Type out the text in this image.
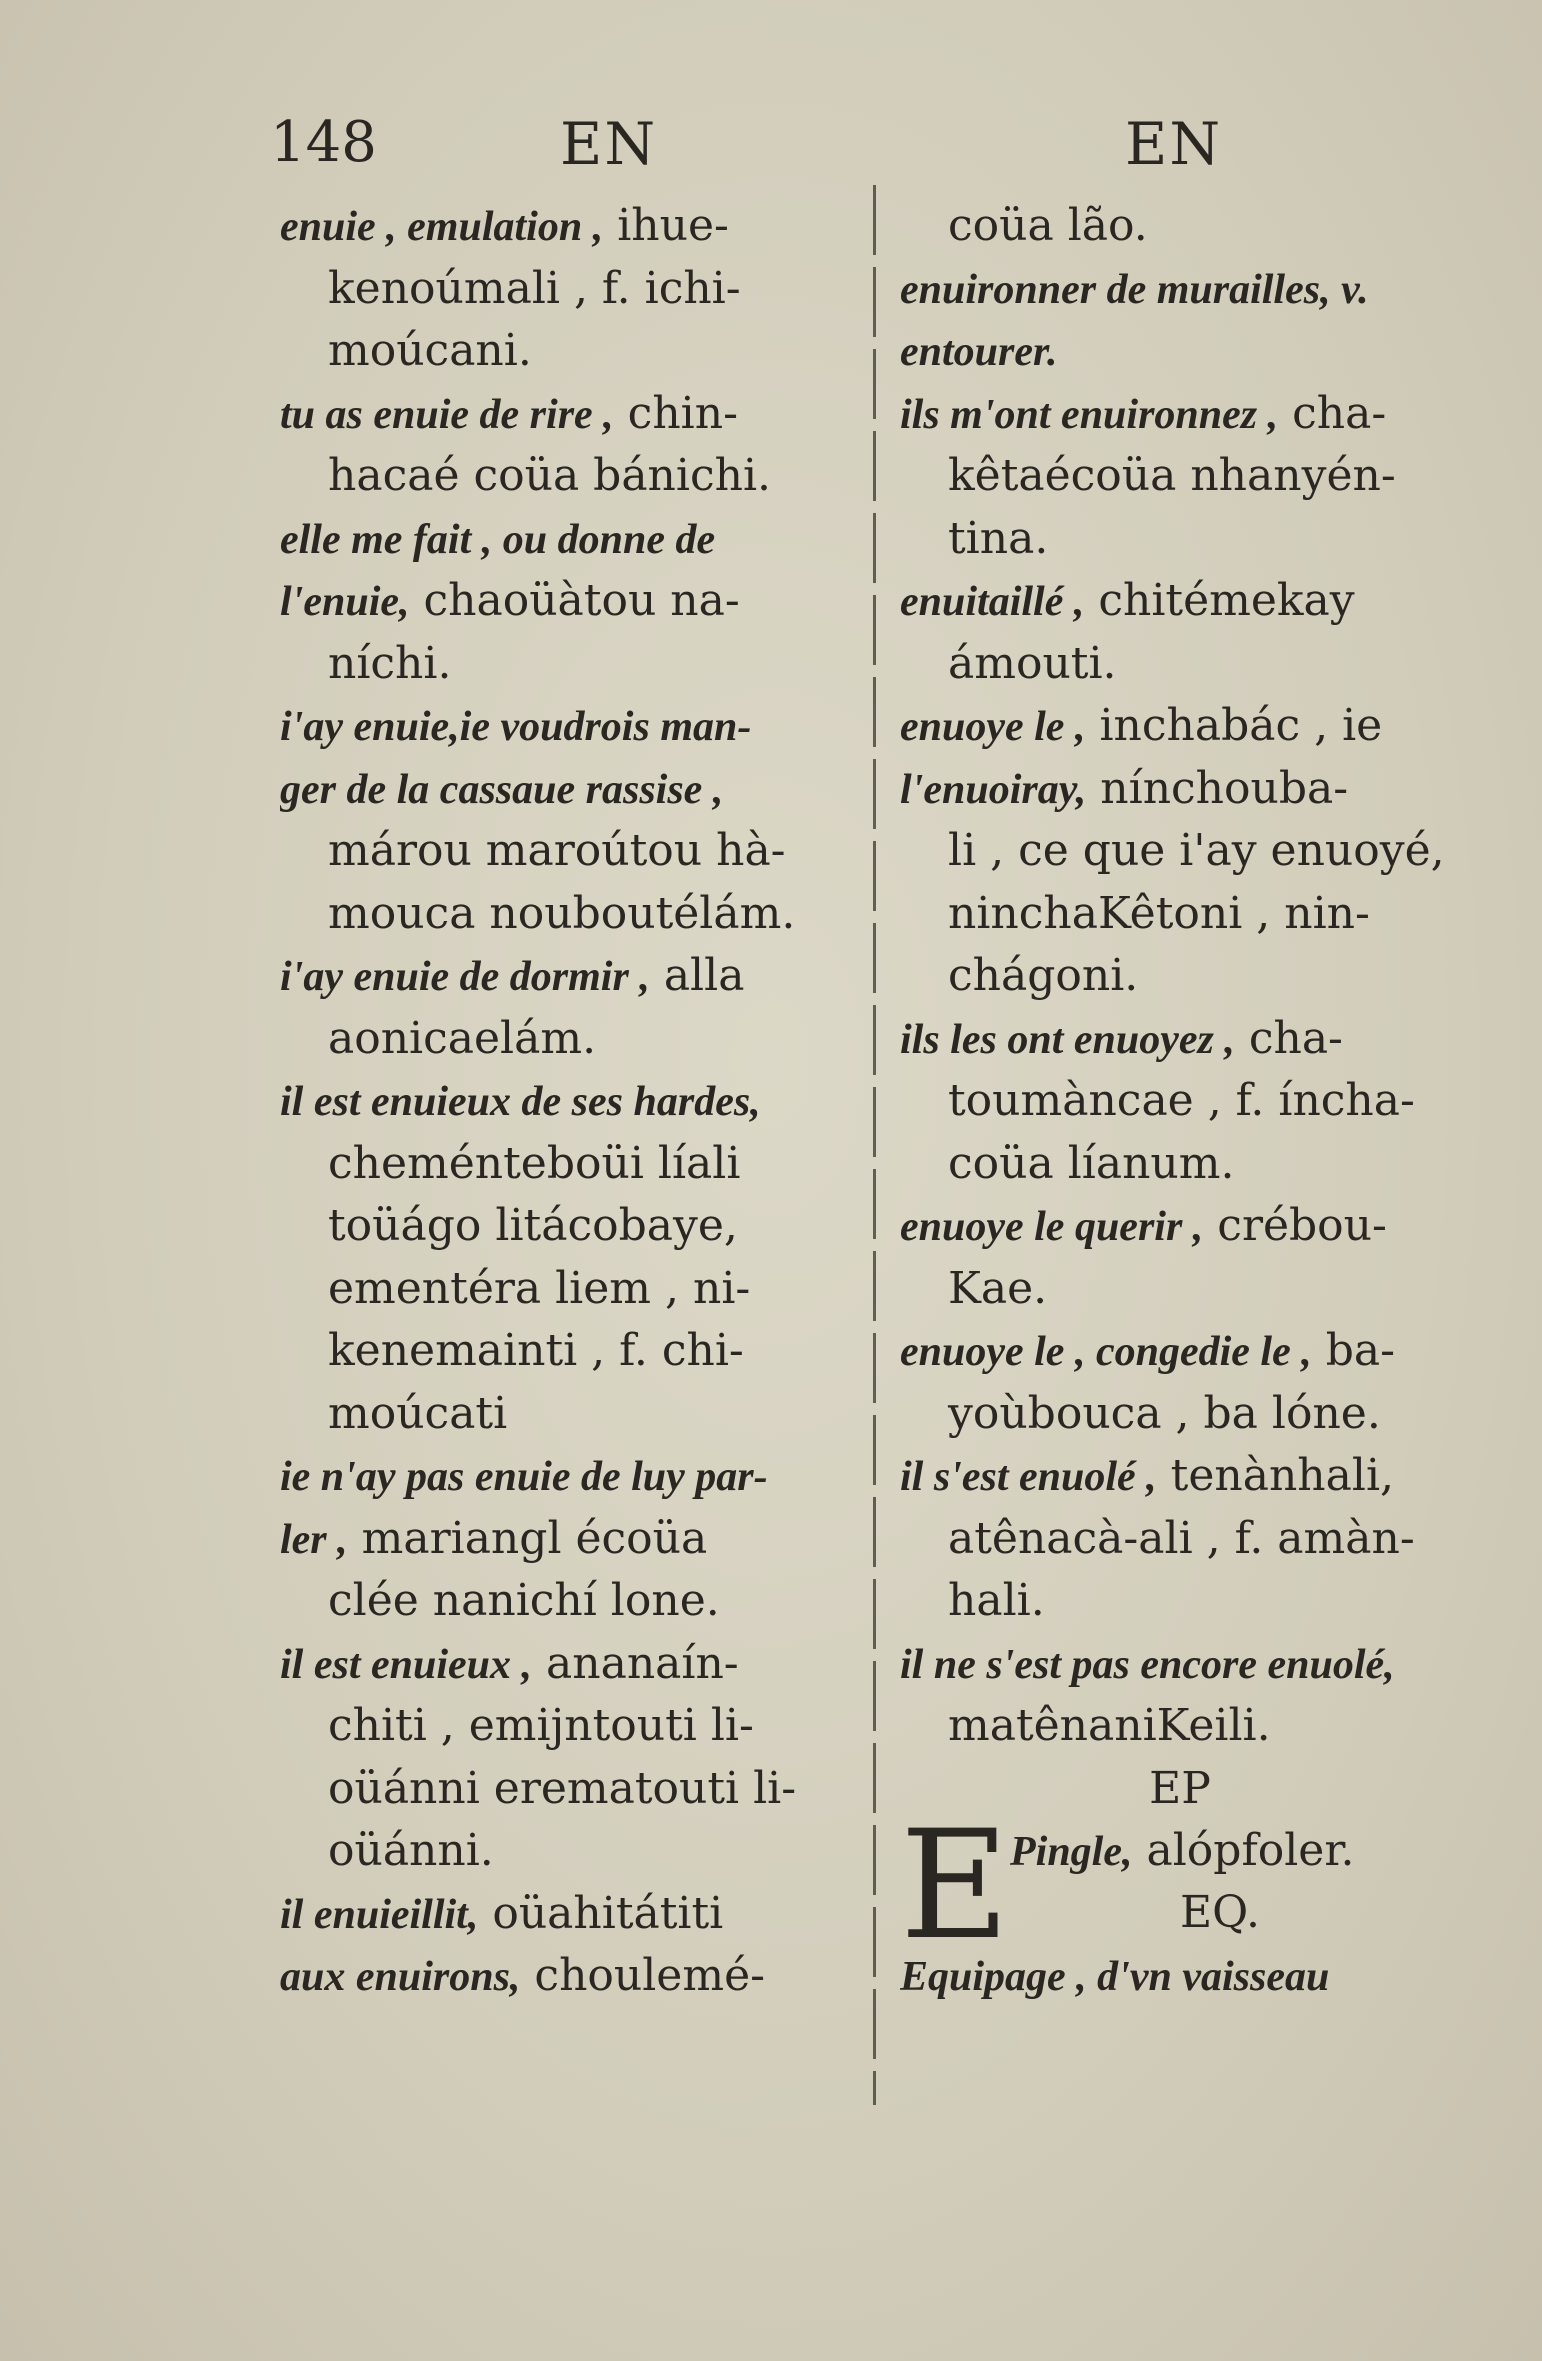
148	EN	EN
enuie , emulation , ihue-
kenoúmali , f. ichi-
moúcani.
tu as enuie de rire , chin-
hacaé coüa bánichi.
elle me fait , ou donne de
l'enuie, chaoüàtou na-
níchi.
i'ay enuie,ie voudrois man-
ger de la cassaue rassise ,
márou maroútou hà-
mouca nouboutélám.
i'ay enuie de dormir , alla
aonicaelám.
il est enuieux de ses hardes,
cheménteboüi líali
toüágo litácobaye,
ementéra liem , ni-
kenemainti , f. chi-
moúcati
ie n'ay pas enuie de luy par-
ler , mariangl écoüa
clée nanichí lone.
il est enuieux , ananaín-
chiti , emijntouti li-
oüánni erematouti li-
oüánni.
il enuieillit, oüahitátiti
aux enuirons, choulemé-
coüa lão.
enuironner de murailles, v.
entourer.
ils m'ont enuironnez , cha-
kêtaécoüa nhanyén-
tina.
enuitaillé , chitémekay
ámouti.
enuoye le , inchabác , ie
l'enuoiray, nínchouba-
li , ce que i'ay enuoyé,
ninchaKêtoni , nin-
chágoni.
ils les ont enuoyez , cha-
toumàncae , f. íncha-
coüa líanum.
enuoye le querir , crébou-
Kae.
enuoye le , congedie le , ba-
yoùbouca , ba lóne.
il s'est enuolé , tenànhali,
atênacà-ali , f. amàn-
hali.
il ne s'est pas encore enuolé,
matênaniKeili.
EP
E Pingle, alópfoler.
EQ.
Equipage , d'vn vaisseau
